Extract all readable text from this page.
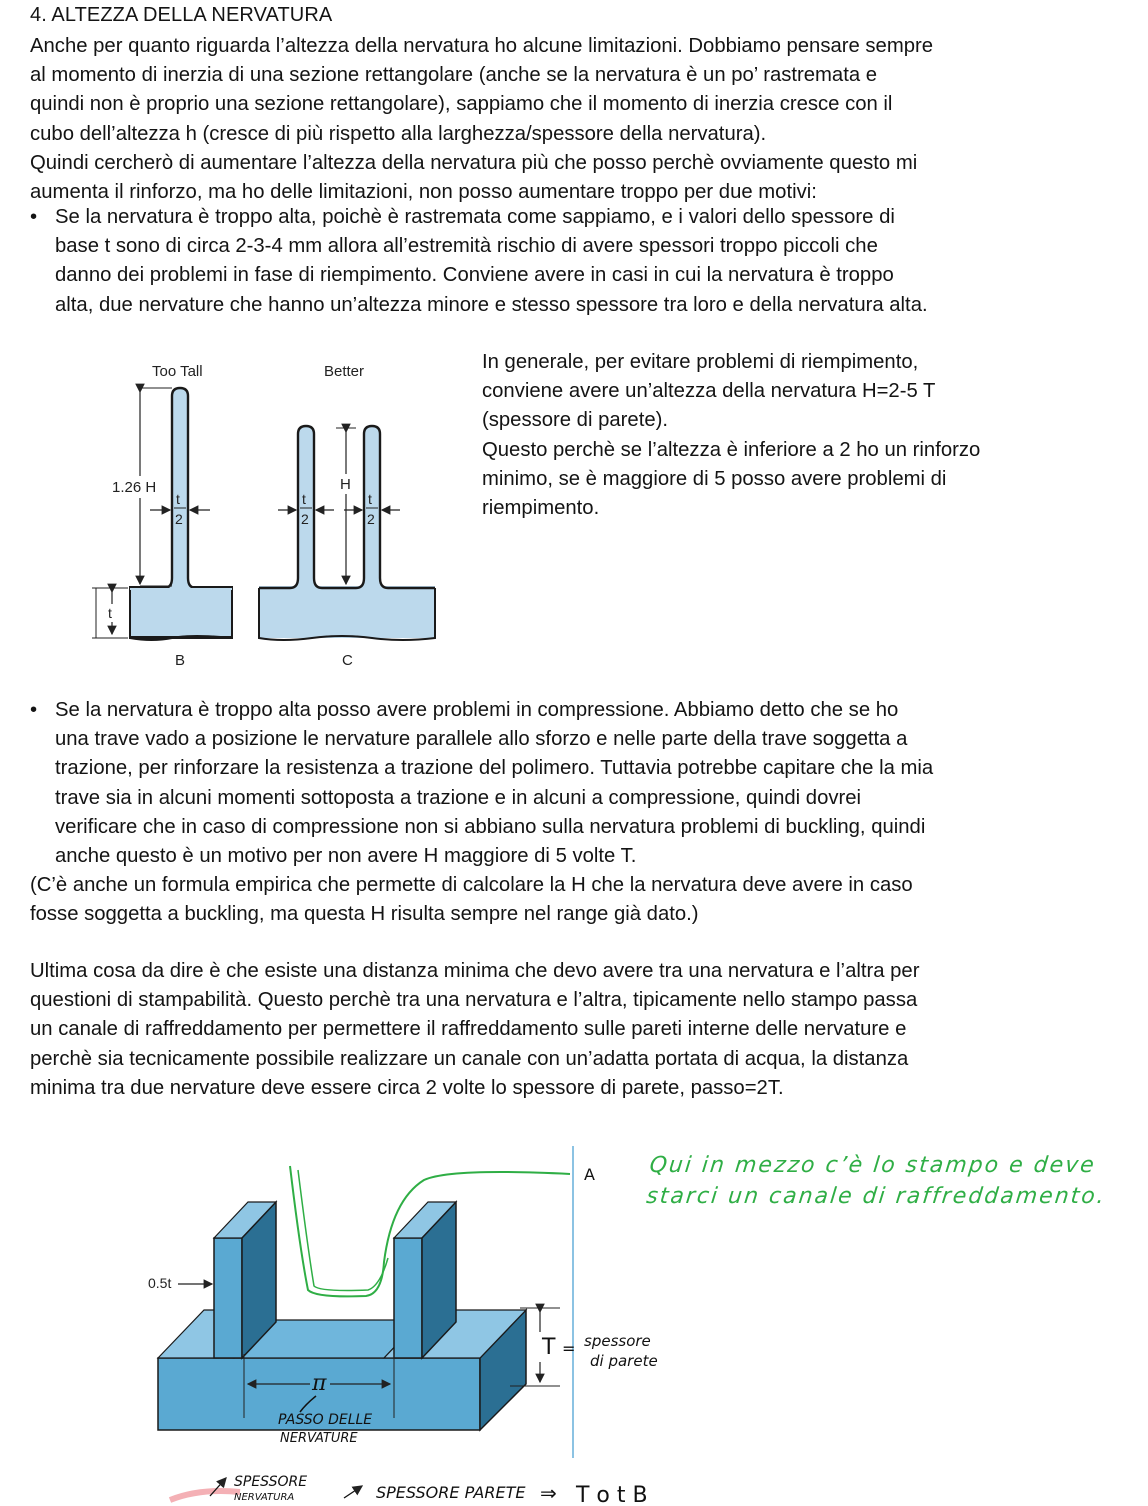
4. ALTEZZA DELLA NERVATURA
Anche per quanto riguarda l’altezza della nervatura ho alcune limitazioni. Dobbiamo pensare sempre
al momento di inerzia di una sezione rettangolare (anche se la nervatura è un po’ rastremata e
quindi non è proprio una sezione rettangolare), sappiamo che il momento di inerzia cresce con il
cubo dell’altezza h (cresce di più rispetto alla larghezza/spessore della nervatura).
Quindi cercherò di aumentare l’altezza della nervatura più che posso perchè ovviamente questo mi
aumenta il rinforzo, ma ho delle limitazioni, non posso aumentare troppo per due motivi:
• Se la nervatura è troppo alta, poichè è rastremata come sappiamo, e i valori dello spessore di
base t sono di circa 2-3-4 mm allora all’estremità rischio di avere spessori troppo piccoli che
danno dei problemi in fase di riempimento. Conviene avere in casi in cui la nervatura è troppo
alta, due nervature che hanno un’altezza minore e stesso spessore tra loro e della nervatura alta.
Too Tall	Better
1.26 H
t
2
t
H
t
2
t
2
B	C
In generale, per evitare problemi di riempimento,
conviene avere un’altezza della nervatura H=2-5 T
(spessore di parete).
Questo perchè se l’altezza è inferiore a 2 ho un rinforzo
minimo, se è maggiore di 5 posso avere problemi di
riempimento.
• Se la nervatura è troppo alta posso avere problemi in compressione. Abbiamo detto che se ho
una trave vado a posizione le nervature parallele allo sforzo e nelle parte della trave soggetta a
trazione, per rinforzare la resistenza a trazione del polimero. Tuttavia potrebbe capitare che la mia
trave sia in alcuni momenti sottoposta a trazione e in alcuni a compressione, quindi dovrei
verificare che in caso di compressione non si abbiano sulla nervatura problemi di buckling, quindi
anche questo è un motivo per non avere H maggiore di 5 volte T.
(C’è anche un formula empirica che permette di calcolare la H che la nervatura deve avere in caso
fosse soggetta a buckling, ma questa H risulta sempre nel range già dato.)
Ultima cosa da dire è che esiste una distanza minima che devo avere tra una nervatura e l’altra per
questioni di stampabilità. Questo perchè tra una nervatura e l’altra, tipicamente nello stampo passa
un canale di raffreddamento per permettere il raffreddamento sulle pareti interne delle nervature e
perchè sia tecnicamente possibile realizzare un canale con un’adatta portata di acqua, la distanza
minima tra due nervature deve essere circa 2 volte lo spessore di parete, passo=2T.
0.5t
T = spessore
di parete
π
PASSO DELLE
NERVATURE
A
SPESSORE
NERVATURA	SPESSORE PARETE ⇒ T o t B
Qui in mezzo c’è lo stampo e deve
starci un canale di raffreddamento.
